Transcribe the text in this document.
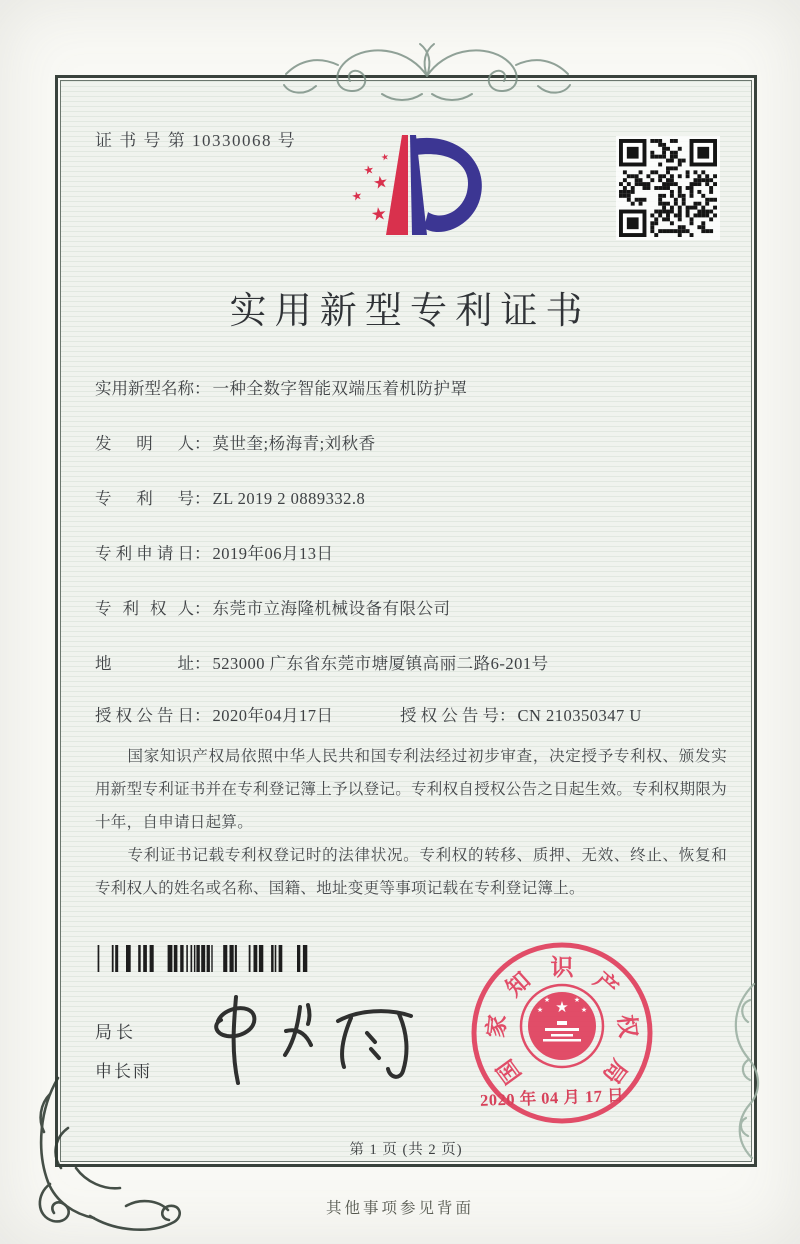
证 书 号 第 10330068 号
★
★
★
★
★
实用新型专利证书
实用新型名称： 一种全数字智能双端压着机防护罩
发明人： 莫世奎;杨海青;刘秋香
专利号： ZL 2019 2 0889332.8
专利申请日： 2019年06月13日
专利权人： 东莞市立海隆机械设备有限公司
地址： 523000 广东省东莞市塘厦镇高丽二路6-201号
授权公告日： 2020年04月17日	授权公告号： CN 210350347 U

国家知识产权局依照中华人民共和国专利法经过初步审查，决定授予专利权、颁发实用新型专利证书并在专利登记簿上予以登记。专利权自授权公告之日起生效。专利权期限为十年，自申请日起算。

专利证书记载专利权登记时的法律状况。专利权的转移、质押、无效、终止、恢复和专利权人的姓名或名称、国籍、地址变更等事项记载在专利登记簿上。

局长
申长雨	国
家
知 识 产
权
局
★
★	★
★	★
2020 年 04 月 17 日
第 1 页 (共 2 页)
其他事项参见背面
